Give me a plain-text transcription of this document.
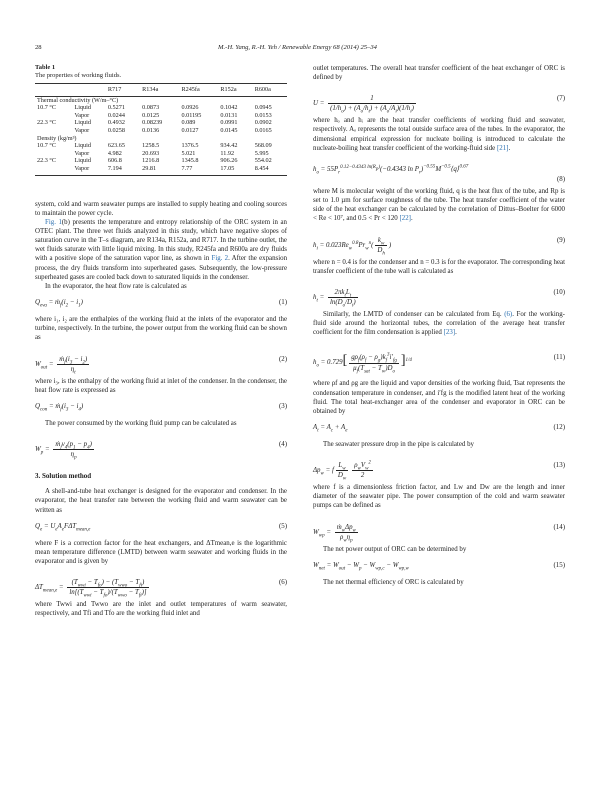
28	M.-H. Yang, R.-H. Yeh / Renewable Energy 68 (2014) 25–34
Table 1
The properties of working fluids.
		R717	R134a	R245fa	R152a	R600a
Thermal conductivity (W/m–°C)						
10.7 °C	Liquid	0.5271	0.0873	0.0926	0.1042	0.0945
	Vapor	0.0244	0.0125	0.01195	0.0131	0.0153
22.3 °C	Liquid	0.4932	0.08239	0.089	0.0991	0.0902
	Vapor	0.0258	0.0136	0.0127	0.0145	0.0165
Density (kg/m³)						
10.7 °C	Liquid	623.65	1258.5	1376.5	934.42	568.09
	Vapor	4.982	20.693	5.021	11.92	5.995
22.3 °C	Liquid	606.8	1216.8	1345.8	906.26	554.02
	Vapor	7.194	29.81	7.77	17.05	8.454

system, cold and warm seawater pumps are installed to supply heating and cooling sources to maintain the power cycle.

Fig. 1(b) presents the temperature and entropy relationship of the ORC system in an OTEC plant. The three wet fluids analyzed in this study, which have negative slopes of saturation curve in the T–s diagram, are R134a, R152a, and R717. In the turbine outlet, the wet fluids saturate with little liquid mixing. In this study, R245fa and R600a are dry fluids with a positive slope of the saturation vapor line, as shown in Fig. 2. After the expansion process, the dry fluids transform into superheated gases. Subsequently, the low-pressure superheated gases are cooled back down to saturated liquids in the condenser.

In the evaporator, the heat flow rate is calculated as

$Q_{eva}$ = $ṁ_f(i_2 - i_1)$	(1)

where i₁, i₂ are the enthalpies of the working fluid at the inlets of the evaporator and the turbine, respectively. In the turbine, the power output from the working fluid can be shown as

$W_{out} = \frac{ṁ_f(i_3 - i_2)}{\eta_t}$	(2)

where i₃, is the enthalpy of the working fluid at inlet of the condenser. In the condenser, the heat flow rate is expressed as

$Q_{con}$ = $ṁ_f(i_3 - i_4)$	(3)

The power consumed by the working fluid pump can be calculated as

$W_p$ =
$ṁ_fv_4(p_1 - p_4)$
$\eta_p$
(4)
3. Solution method

A shell-and-tube heat exchanger is designed for the evaporator and condenser. In the evaporator, the heat transfer rate between the working fluid and warm seawater can be written as

$Q_e = U_eA_eF\Delta T_{mean,e}$	(5)

where F is a correction factor for the heat exchangers, and ΔTmean,e is the logarithmic mean temperature difference (LMTD) between warm seawater and working fluids in the evaporator and is given by

$\Delta T_{mean,e}$ =
$(T_{wwi} - T_{fo}) - (T_{wwo} - T_{fi})$
$\ln[(T_{wwi} - T_{fo})/(T_{wwo} - T_{fi})]$
(6)

where Twwi and Twwo are the inlet and outlet temperatures of warm seawater, respectively, and Tfi and Tfo are the working fluid inlet and

outlet temperatures. The overall heat transfer coefficient of the heat exchanger of ORC is defined by

$U = \frac{1}{(1/h_o) + (A_o/h_t) + (A_o/A_i)(1/h_i)}$	(7)

where hₒ and hᵢ are the heat transfer coefficients of working fluid and seawater, respectively. Aₒ represents the total outside surface area of the tubes. In the evaporator, the dimensional empirical expression for nucleate boiling is introduced to calculate the nucleate-boiling heat transfer coefficient of the working-fluid side [21].

$h_o = 55P_r^{0.12-0.4343 ln(R_p)}(-0.4343$ $\ln P_r)^{-0.55}M^{-0.5}⟨q⟩^{0.67}$
(8)

where M is molecular weight of the working fluid, q is the heat flux of the tube, and Rp is set to 1.0 µm for surface roughness of the tube. The heat transfer coefficient of the water side of the heat exchanger can be calculated by the correlation of Dittus–Boelter for 6000 < Re < 10⁷, and 0.5 < Pr < 120 [22].

$h_i = 0.023Re_w^{0.8}Pr_w^n( \frac{k_w}{D_h}$ )
(9)

where n = 0.4 is for the condenser and n = 0.3 is for the evaporator. The corresponding heat transfer coefficient of the tube wall is calculated as

$h_t$ =
$2\pi k_tL_t$
$\ln(D_o/D_i)$
(10)

Similarly, the LMTD of condenser can be calculated from Eq. (6). For the working-fluid side around the horizontal tubes, the correlation of the average heat transfer coefficient for the film condensation is applied [23].

$h_o = 0.729$[ $g\rho_f(\rho_f - \rho_g)k_f^3i'_{fg}$
$\mu_f(T_{sat} - T_w)D_o$
]$^{1/4}$	(11)

where ρf and ρg are the liquid and vapor densities of the working fluid, Tsat represents the condensation temperature in condenser, and i′fg is the modified latent heat of the working fluid. The total heat-exchanger area of the condenser and evaporator in ORC can be obtained by

$A_t = A_c + A_e$	(12)

The seawater pressure drop in the pipe is calculated by

$\Delta p_w = f \frac{L_w}{D_w} \rho_wV_w^2$
2
(13)

where f is a dimensionless friction factor, and Lw and Dw are the length and inner diameter of the seawater pipe. The power consumption of the cold and warm seawater pumps can be defined as

$W_{wp}$ =
$ṁ_w\Delta p_w$
$\rho_w\eta_p$
(14)

The net power output of ORC can be determined by

$W_{net} = W_{out} - W_p - W_{wp,c} - W_{wp,w}$	(15)

The net thermal efficiency of ORC is calculated by
